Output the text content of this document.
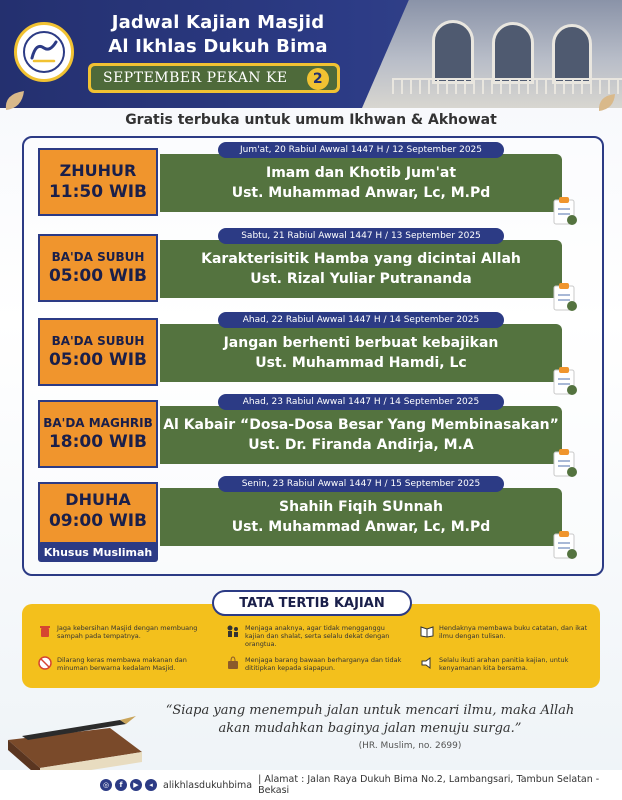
Jadwal Kajian Masjid
Al Ikhlas Dukuh Bima
SEPTEMBER PEKAN KE	2
Gratis terbuka untuk umum Ikhwan & Akhowat
ZHUHUR
11:50 WIB
Imam dan Khotib Jum'at
Ust. Muhammad Anwar, Lc, M.Pd
Jum'at, 20 Rabiul Awwal 1447 H / 12 September 2025
BA'DA SUBUH
05:00 WIB
Karakterisitik Hamba yang dicintai Allah
Ust. Rizal Yuliar Putrananda
Sabtu, 21 Rabiul Awwal 1447 H / 13 September 2025
BA'DA SUBUH
05:00 WIB
Jangan berhenti berbuat kebajikan
Ust. Muhammad Hamdi, Lc
Ahad, 22 Rabiul Awwal 1447 H / 14 September 2025
BA'DA MAGHRIB
18:00 WIB
Al Kabair “Dosa-Dosa Besar Yang Membinasakan”
Ust. Dr. Firanda Andirja, M.A
Ahad, 23 Rabiul Awwal 1447 H / 14 September 2025
DHUHA
09:00 WIB
Khusus Muslimah
Shahih Fiqih SUnnah
Ust. Muhammad Anwar, Lc, M.Pd
Senin, 23 Rabiul Awwal 1447 H / 15 September 2025
TATA TERTIB KAJIAN
Jaga kebersihan Masjid dengan membuang sampah pada tempatnya.
Menjaga anaknya, agar tidak mengganggu kajian dan shalat, serta selalu dekat dengan orangtua.
Hendaknya membawa buku catatan, dan ikat ilmu dengan tulisan.
Dilarang keras membawa makanan dan minuman berwarna kedalam Masjid.
Menjaga barang bawaan berharganya dan tidak dititipkan kepada siapapun.
Selalu ikuti arahan panitia kajian, untuk kenyamanan kita bersama.
“Siapa yang menempuh jalan untuk mencari ilmu, maka Allah akan mudahkan baginya jalan menuju surga.”
(HR. Muslim, no. 2699)
◎	f	▶	◂	alikhlasdukuhbima | Alamat : Jalan Raya Dukuh Bima No.2, Lambangsari, Tambun Selatan - Bekasi
